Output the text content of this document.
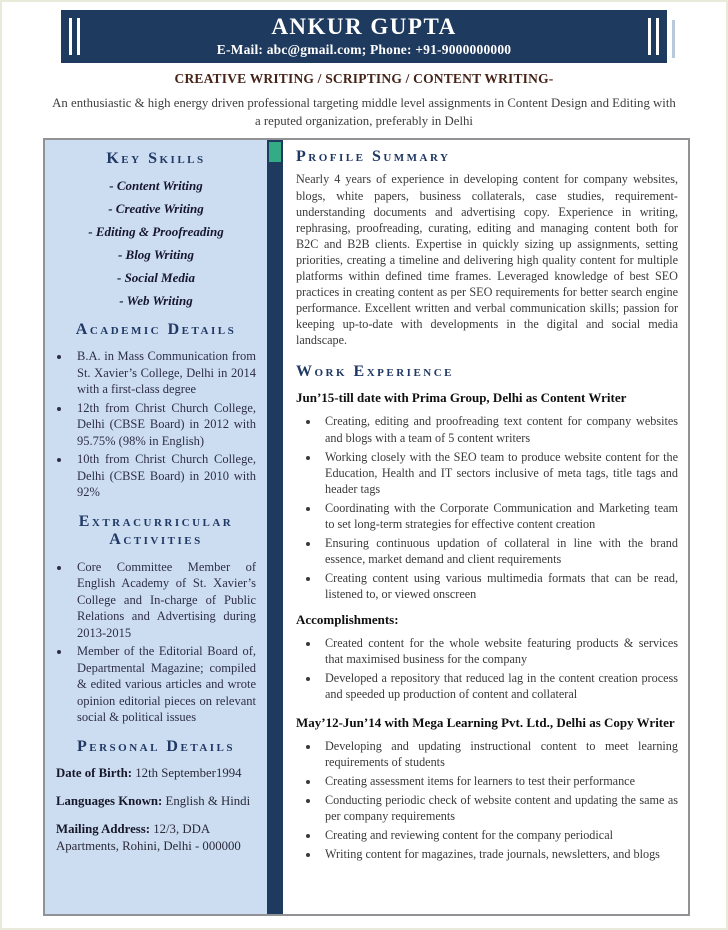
ANKUR GUPTA
E-Mail: abc@gmail.com; Phone: +91-9000000000
CREATIVE WRITING / SCRIPTING / CONTENT WRITING-

An enthusiastic & high energy driven professional targeting middle level assignments in Content Design and Editing with a reputed organization, preferably in Delhi

Key Skills
- Content Writing
- Creative Writing
- Editing & Proofreading
- Blog Writing
- Social Media
- Web Writing
Academic Details
• B.A. in Mass Communication from St. Xavier’s College, Delhi in 2014 with a first-class degree
• 12th from Christ Church College, Delhi (CBSE Board) in 2012 with 95.75% (98% in English)
• 10th from Christ Church College, Delhi (CBSE Board) in 2010 with 92%
Extracurricular Activities
• Core Committee Member of English Academy of St. Xavier’s College and In-charge of Public Relations and Advertising during 2013-2015
• Member of the Editorial Board of, Departmental Magazine; compiled & edited various articles and wrote opinion editorial pieces on relevant social & political issues
Personal Details
Date of Birth: 12th September1994
Languages Known: English & Hindi
Mailing Address: 12/3, DDA Apartments, Rohini, Delhi - 000000
Profile Summary

Nearly 4 years of experience in developing content for company websites, blogs, white papers, business collaterals, case studies, requirement-understanding documents and advertising copy. Experience in writing, rephrasing, proofreading, curating, editing and managing content both for B2C and B2B clients. Expertise in quickly sizing up assignments, setting priorities, creating a timeline and delivering high quality content for multiple platforms within defined time frames. Leveraged knowledge of best SEO practices in creating content as per SEO requirements for better search engine performance. Excellent written and verbal communication skills; passion for keeping up-to-date with developments in the digital and social media landscape.

Work Experience
Jun’15-till date with Prima Group, Delhi as Content Writer
• Creating, editing and proofreading text content for company websites and blogs with a team of 5 content writers
• Working closely with the SEO team to produce website content for the Education, Health and IT sectors inclusive of meta tags, title tags and header tags
• Coordinating with the Corporate Communication and Marketing team to set long-term strategies for effective content creation
• Ensuring continuous updation of collateral in line with the brand essence, market demand and client requirements
• Creating content using various multimedia formats that can be read, listened to, or viewed onscreen
Accomplishments:
• Created content for the whole website featuring products & services that maximised business for the company
• Developed a repository that reduced lag in the content creation process and speeded up production of content and collateral
May’12-Jun’14 with Mega Learning Pvt. Ltd., Delhi as Copy Writer
• Developing and updating instructional content to meet learning requirements of students
• Creating assessment items for learners to test their performance
• Conducting periodic check of website content and updating the same as per company requirements
• Creating and reviewing content for the company periodical
• Writing content for magazines, trade journals, newsletters, and blogs
